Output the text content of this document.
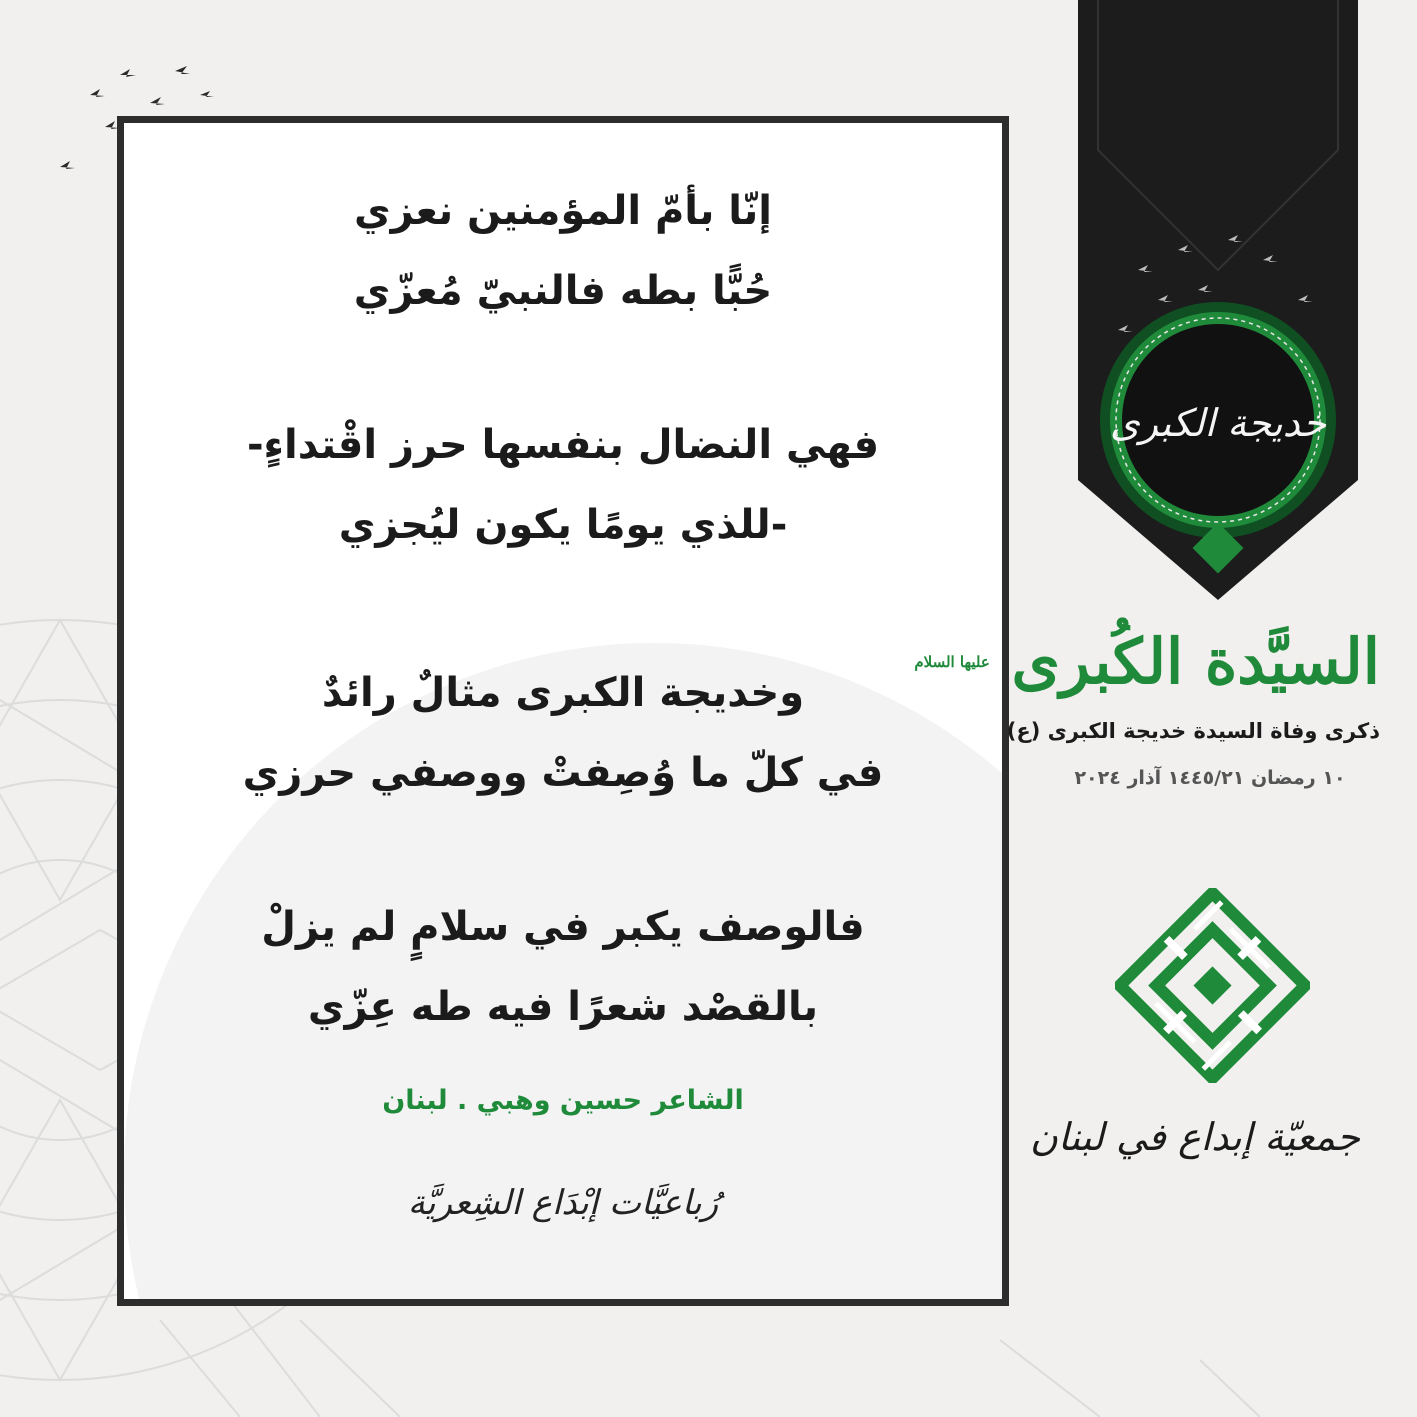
إنّا بأمّ المؤمنين نعزي
حُبًّا بطه فالنبيّ مُعزّي
فهي النضال بنفسها حرز اقْتداءٍ-
-للذي يومًا يكون ليُجزي
وخديجة الكبرى مثالٌ رائدٌ
في كلّ ما وُصِفتْ ووصفي حرزي
فالوصف يكبر في سلامٍ لم يزلْ
بالقصْد شعرًا فيه طه عِزّي
الشاعر حسين وهبي . لبنان
رُباعيَّات إبْدَاع الشِعريَّة
خديجة الكبرى
السيَّدة الكُبرى $^{عليها السلام}$
ذكرى وفاة السيدة خديجة الكبرى (ع)
١٠ رمضان ١٤٤٥/٢١ آذار ٢٠٢٤
جمعيّة إبداع في لبنان
